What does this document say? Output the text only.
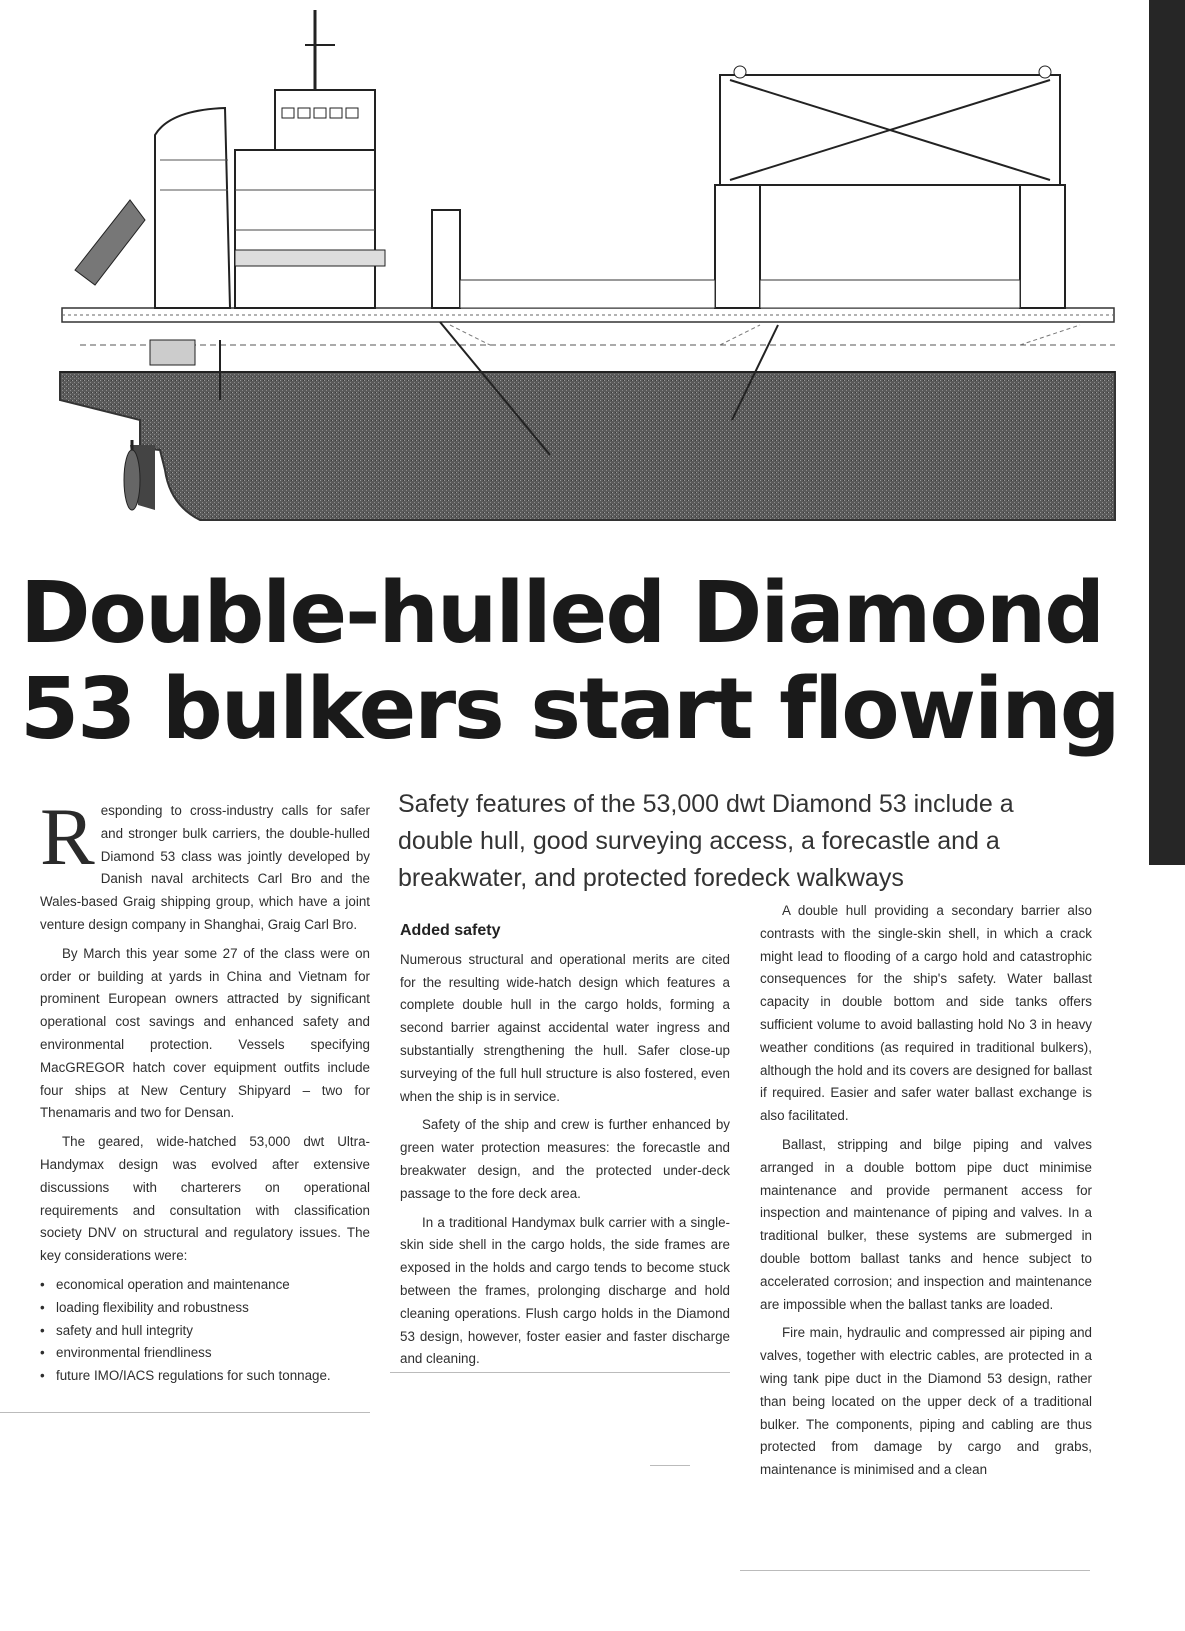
Double-hulled Diamond
53 bulkers start flowing

Safety features of the 53,000 dwt Diamond 53 include a double hull, good surveying access, a forecastle and a breakwater, and protected foredeck walkways

Responding to cross-industry calls for safer and stronger bulk carriers, the double-hulled Diamond 53 class was jointly developed by Danish naval architects Carl Bro and the Wales-based Graig shipping group, which have a joint venture design company in Shanghai, Graig Carl Bro.

By March this year some 27 of the class were on order or building at yards in China and Vietnam for prominent European owners attracted by significant operational cost savings and enhanced safety and environmental protection. Vessels specifying MacGREGOR hatch cover equipment outfits include four ships at New Century Shipyard – two for Thenamaris and two for Densan.

The geared, wide-hatched 53,000 dwt Ultra-Handymax design was evolved after extensive discussions with charterers on operational requirements and consultation with classification society DNV on structural and regulatory issues. The key considerations were:

• economical operation and maintenance
• loading flexibility and robustness
• safety and hull integrity
• environmental friendliness
• future IMO/IACS regulations for such tonnage.

Added safety

Numerous structural and operational merits are cited for the resulting wide-hatch design which features a complete double hull in the cargo holds, forming a second barrier against accidental water ingress and substantially strengthening the hull. Safer close-up surveying of the full hull structure is also fostered, even when the ship is in service.

Safety of the ship and crew is further enhanced by green water protection measures: the forecastle and breakwater design, and the protected under-deck passage to the fore deck area.

In a traditional Handymax bulk carrier with a single-skin side shell in the cargo holds, the side frames are exposed in the holds and cargo tends to become stuck between the frames, prolonging discharge and hold cleaning operations. Flush cargo holds in the Diamond 53 design, however, foster easier and faster discharge and cleaning.

A double hull providing a secondary barrier also contrasts with the single-skin shell, in which a crack might lead to flooding of a cargo hold and catastrophic consequences for the ship's safety. Water ballast capacity in double bottom and side tanks offers sufficient volume to avoid ballasting hold No 3 in heavy weather conditions (as required in traditional bulkers), although the hold and its covers are designed for ballast if required. Easier and safer water ballast exchange is also facilitated.

Ballast, stripping and bilge piping and valves arranged in a double bottom pipe duct minimise maintenance and provide permanent access for inspection and maintenance of piping and valves. In a traditional bulker, these systems are submerged in double bottom ballast tanks and hence subject to accelerated corrosion; and inspection and maintenance are impossible when the ballast tanks are loaded.

Fire main, hydraulic and compressed air piping and valves, together with electric cables, are protected in a wing tank pipe duct in the Diamond 53 design, rather than being located on the upper deck of a traditional bulker. The components, piping and cabling are thus protected from damage by cargo and grabs, maintenance is minimised and a clean
